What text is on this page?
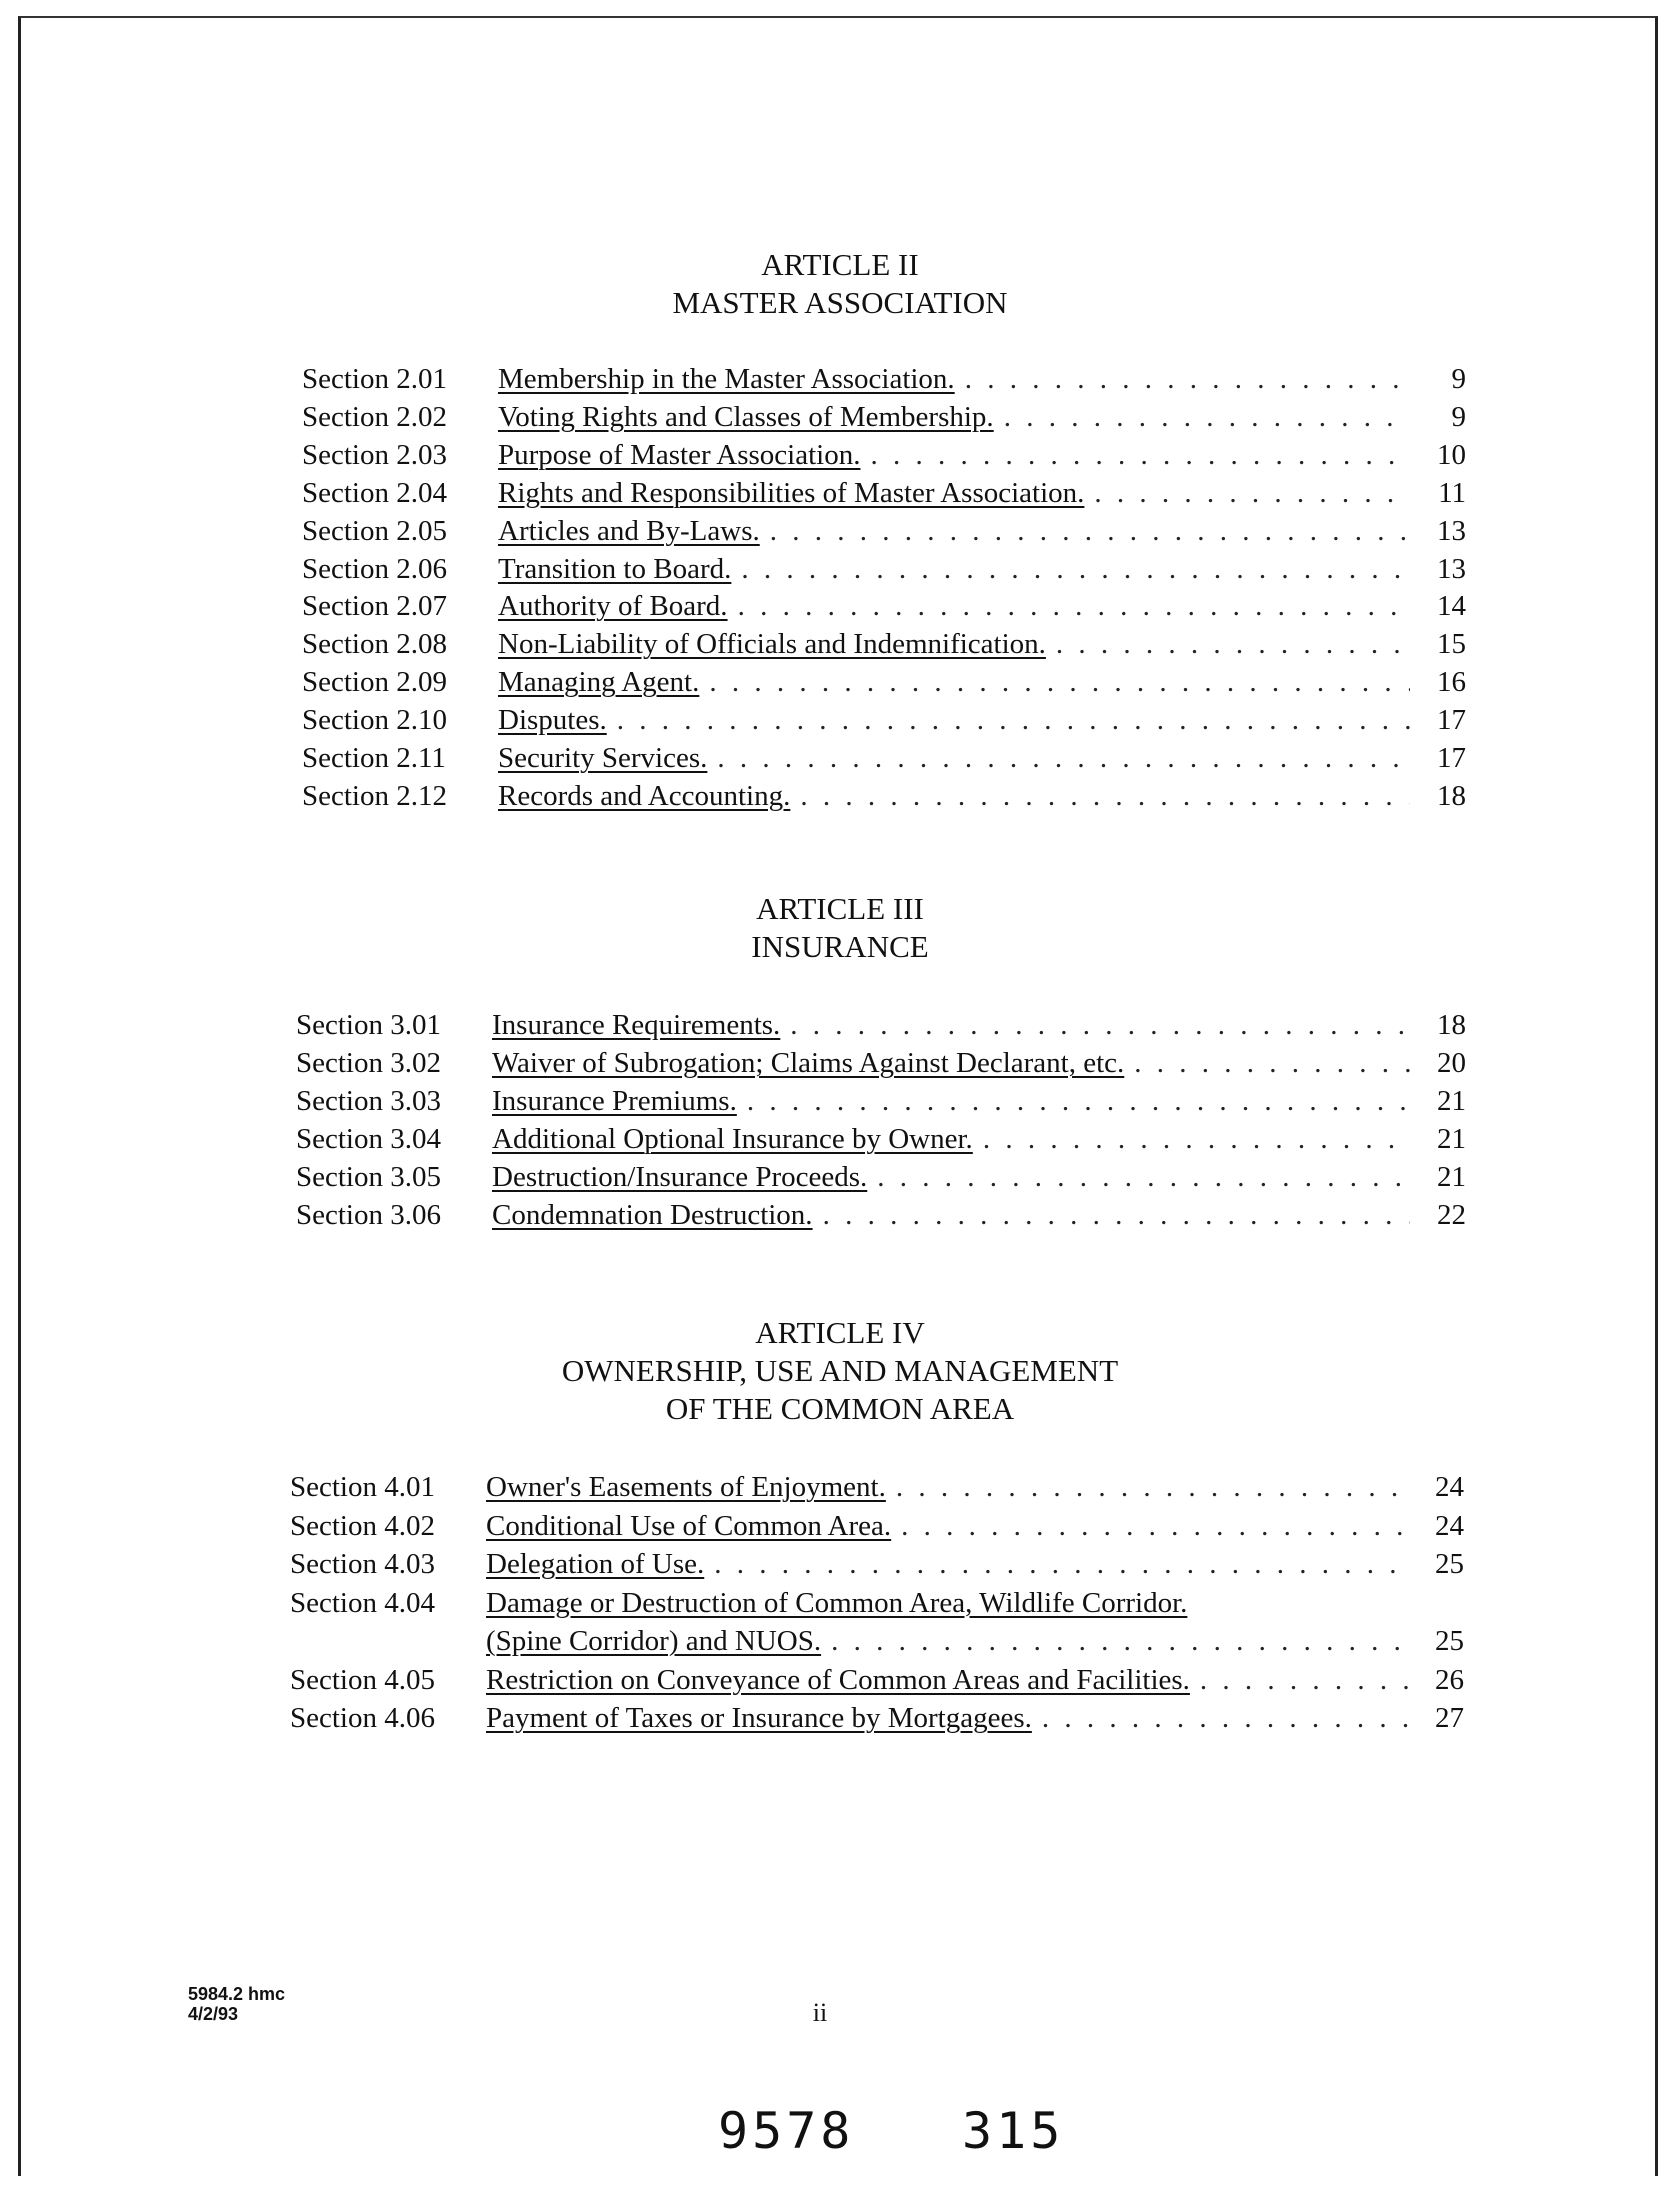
ARTICLE II
MASTER ASSOCIATION
Section 2.01	Membership in the Master Association. . . .	9
Section 2.02	Voting Rights and Classes of Membership. . . .	9
Section 2.03	Purpose of Master Association. . . .	10
Section 2.04	Rights and Responsibilities of Master Association. . . .	11
Section 2.05	Articles and By-Laws. . . .	13
Section 2.06	Transition to Board. . . .	13
Section 2.07	Authority of Board. . . .	14
Section 2.08	Non-Liability of Officials and Indemnification. . . .	15
Section 2.09	Managing Agent. . . .	16
Section 2.10	Disputes. . . .	17
Section 2.11	Security Services. . . .	17
Section 2.12	Records and Accounting. . . .	18
ARTICLE III
INSURANCE
Section 3.01	Insurance Requirements. . . .	18
Section 3.02	Waiver of Subrogation; Claims Against Declarant, etc. . . .	20
Section 3.03	Insurance Premiums. . . .	21
Section 3.04	Additional Optional Insurance by Owner. . . .	21
Section 3.05	Destruction/Insurance Proceeds. . . .	21
Section 3.06	Condemnation Destruction. . . .	22
ARTICLE IV
OWNERSHIP, USE AND MANAGEMENT
OF THE COMMON AREA
Section 4.01	Owner's Easements of Enjoyment. . . .	24
Section 4.02	Conditional Use of Common Area. . . .	24
Section 4.03	Delegation of Use. . . .	25
Section 4.04	Damage or Destruction of Common Area, Wildlife Corridor.
(Spine Corridor) and NUOS. . . .	25
Section 4.05	Restriction on Conveyance of Common Areas and Facilities. . . .	26
Section 4.06	Payment of Taxes or Insurance by Mortgagees. . . .	27
5984.2 hmc
4/2/93	ii
9578 315
